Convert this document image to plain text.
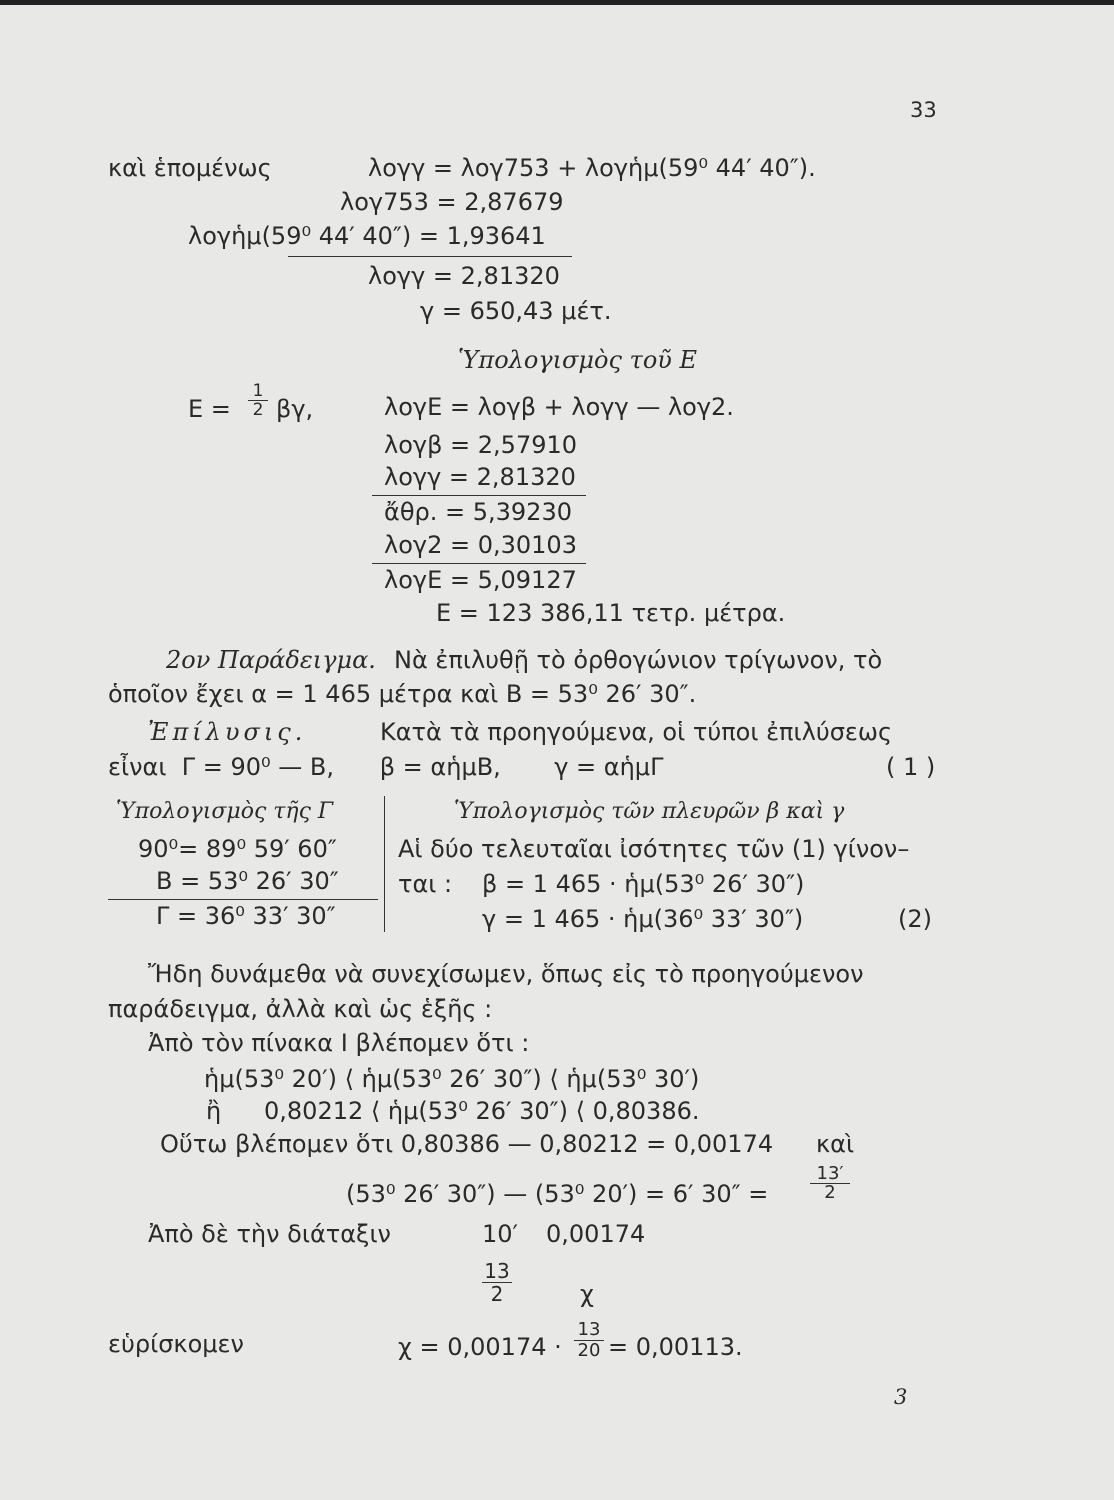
33
καὶ ἑπομένως	λογγ = λογ753 + λογἡμ(59⁰ 44′ 40″).
λογ753 = 2,87679
λογἡμ(59⁰ 44′ 40″) = 1,93641
λογγ = 2,81320
γ = 650,43 μέτ.
Ὑπολογισμὸς τοῦ Ε
$E = \frac{1}{2} \beta\gamma$,	λογΕ = λογβ + λογγ — λογ2.
λογβ = 2,57910
λογγ = 2,81320
ἄθρ. = 5,39230
λογ2 = 0,30103
λογΕ = 5,09127
Ε = 123 386,11 τετρ. μέτρα.
2ον Παράδειγμα. Νὰ ἐπιλυθῇ τὸ ὀρθογώνιον τρίγωνον, τὸ
ὁποῖον ἔχει α = 1 465 μέτρα καὶ Β = 53⁰ 26′ 30″.
Ἐπίλυσις.	Κατὰ τὰ προηγούμενα, οἱ τύποι ἐπιλύσεως
εἶναι  Γ = 90⁰ — Β,      β = αἡμΒ,       γ = αἡμΓ	( 1 )
Ὑπολογισμὸς τῆς Γ
90⁰= 89⁰ 59′ 60″
Β = 53⁰ 26′ 30″
Γ = 36⁰ 33′ 30″
Ὑπολογισμὸς τῶν πλευρῶν β καὶ γ
Αἱ δύο τελευταῖαι ἰσότητες τῶν (1) γίνον–
ται : β = 1 465 · ἡμ(53⁰ 26′ 30″)
γ = 1 465 · ἡμ(36⁰ 33′ 30″)	(2)
Ἤδη δυνάμεθα νὰ συνεχίσωμεν, ὅπως εἰς τὸ προηγούμενον
παράδειγμα, ἀλλὰ καὶ ὡς ἑξῆς :
Ἀπὸ τὸν πίνακα Ι βλέπομεν ὅτι :
ἡμ(53⁰ 20′) ⟨ ἡμ(53⁰ 26′ 30″) ⟨ ἡμ(53⁰ 30′)
ἢ 0,80212 ⟨ ἡμ(53⁰ 26′ 30″) ⟨ 0,80386.
Οὕτω βλέπομεν ὅτι 0,80386 — 0,80212 = 0,00174 καὶ
(53⁰ 26′ 30″) — (53⁰ 20′) = 6′ $30'' = \frac{13'}{2}$
Ἀπὸ δὲ τὴν διάταξιν	10′ 0,00174
$\frac{13}{2}$	χ
εὑρίσκομεν	$\chi = 0,00174 \cdot \frac{13}{20} = 0,00113$.
3
